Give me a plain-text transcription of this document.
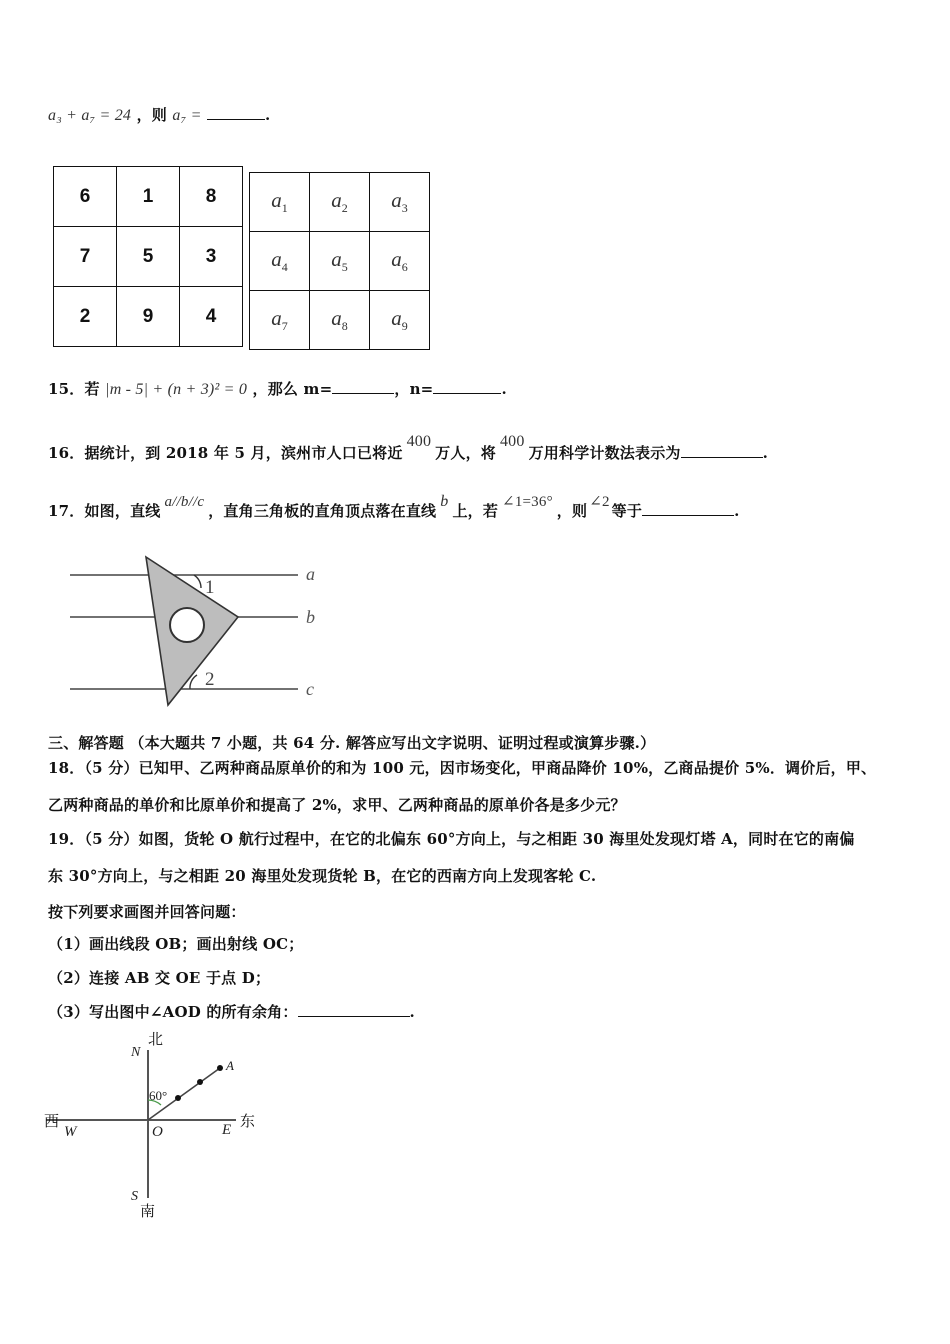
a₃ + a₇ = 24 ，则 a₇ =	.
6	1	8
7	5	3
2	9	4
$a_1$	$a_2$	$a_3$
$a_4$	$a_5$	$a_6$
$a_7$	$a_8$	$a_9$
15．若 |m - 5| + (n + 3)² = 0 ，那么 m=	，n=	.
16．据统计，到 2018 年 5 月，滨州市人口已将近400万人，将400万用科学计数法表示为	.
17．如图，直线 a//b//c ，直角三角板的直角顶点落在直线b上，若 ∠1=36° ，则 ∠2 等于	.
1
2
a
b
c
三、解答题 （本大题共 7 小题，共 64 分. 解答应写出文字说明、证明过程或演算步骤.）
18．（5 分）已知甲、乙两种商品原单价的和为 100 元，因市场变化，甲商品降价 10%，乙商品提价 5%．调价后，甲、
乙两种商品的单价和比原单价和提高了 2%，求甲、乙两种商品的原单价各是多少元？
19．（5 分）如图，货轮 O 航行过程中，在它的北偏东 60°方向上，与之相距 30 海里处发现灯塔 A，同时在它的南偏
东 30°方向上，与之相距 20 海里处发现货轮 B，在它的西南方向上发现客轮 C.
按下列要求画图并回答问题：
（1）画出线段 OB；画出射线 OC；
（2）连接 AB 交 OE 于点 D；
（3）写出图中∠AOD 的所有余角：	.
北
N
西
W
东
E
O
A
60°
S
南
